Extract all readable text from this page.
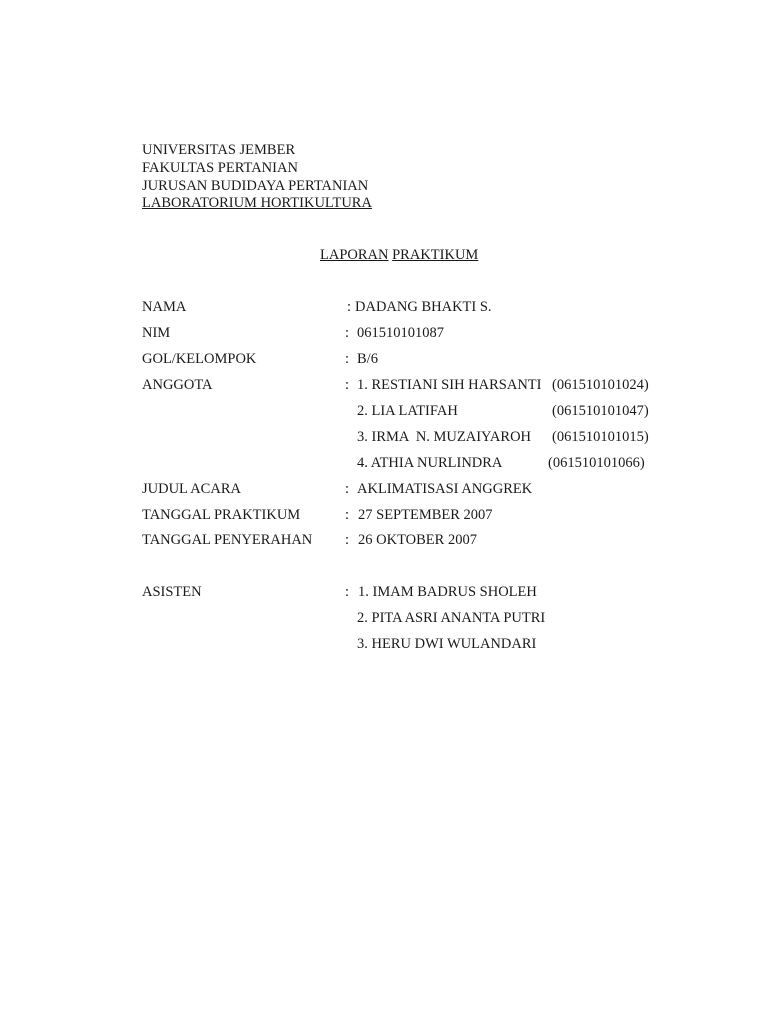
UNIVERSITAS JEMBER
FAKULTAS PERTANIAN
JURUSAN BUDIDAYA PERTANIAN
LABORATORIUM HORTIKULTURA
LAPORAN PRAKTIKUM
NAMA	: DADANG BHAKTI S.
NIM	: 061510101087
GOL/KELOMPOK	: B/6
ANGGOTA	: 1. RESTIANI SIH HARSANTI (061510101024)
2. LIA LATIFAH	(061510101047)
3. IRMA  N. MUZAIYAROH (061510101015)
4. ATHIA NURLINDRA	(061510101066)
JUDUL ACARA	: AKLIMATISASI ANGGREK
TANGGAL PRAKTIKUM	: 27 SEPTEMBER 2007
TANGGAL PENYERAHAN : 26 OKTOBER 2007
ASISTEN	: 1. IMAM BADRUS SHOLEH
2. PITA ASRI ANANTA PUTRI
3. HERU DWI WULANDARI
